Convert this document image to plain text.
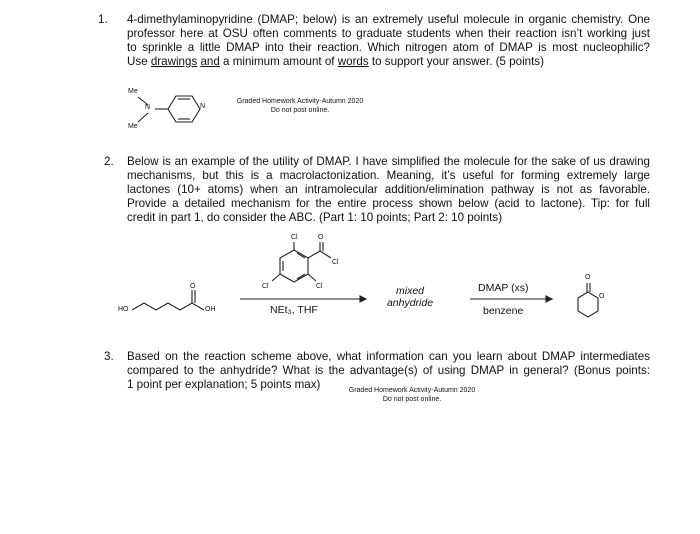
1. 4-dimethylaminopyridine (DMAP; below) is an extremely useful molecule in organic chemistry. One
professor here at OSU often comments to graduate students when their reaction isn’t working just
to sprinkle a little DMAP into their reaction. Which nitrogen atom of DMAP is most nucleophilic?
Use drawings and a minimum amount of words to support your answer. (5 points)
Me
N
Me
N
Graded Homework Activity-Autumn 2020
Do not post online.
2. Below is an example of the utility of DMAP. I have simplified the molecule for the sake of us drawing
mechanisms, but this is a macrolactonization. Meaning, it’s useful for forming extremely large
lactones (10+ atoms) when an intramolecular addition/elimination pathway is not as favorable.
Provide a detailed mechanism for the entire process shown below (acid to lactone). Tip: for full
credit in part 1, do consider the ABC. (Part 1: 10 points; Part 2: 10 points)
HO	OH
O
Cl
Cl	Cl
Cl
O
NEt₃, THF
mixed
anhydride
DMAP (xs)
benzene
O
O
3. Based on the reaction scheme above, what information can you learn about DMAP intermediates
compared to the anhydride? What is the advantage(s) of using DMAP in general? (Bonus points:
1 point per explanation; 5 points max)	Graded Homework Activity-Autumn 2020
Do not post online.
